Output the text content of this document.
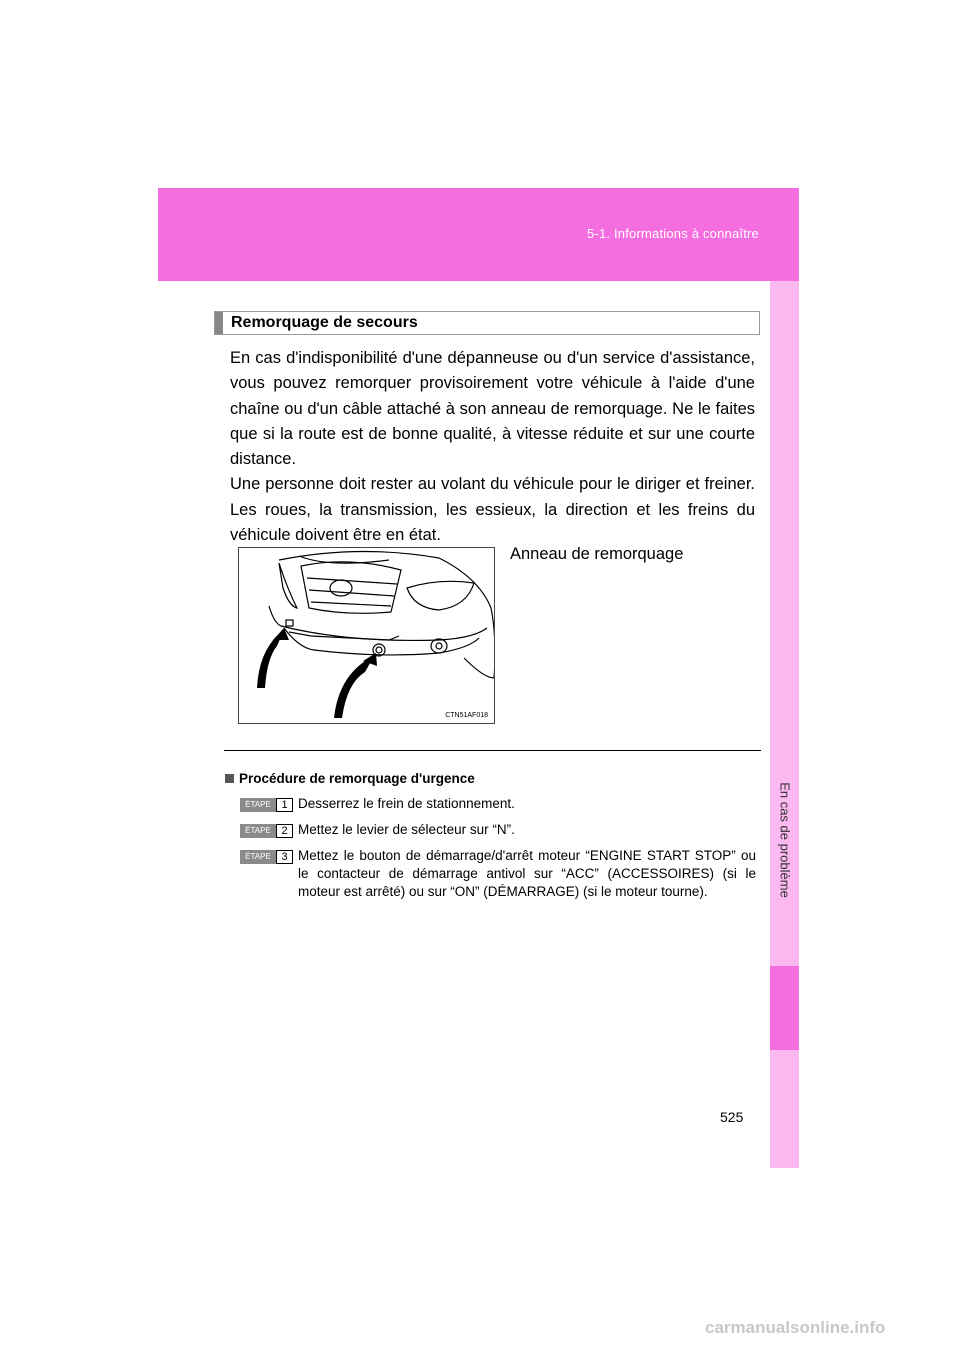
5-1. Informations à connaître
5
En cas de problème
Remorquage de secours

En cas d'indisponibilité d'une dépanneuse ou d'un service d'assistance, vous pouvez remorquer provisoirement votre véhicule à l'aide d'une chaîne ou d'un câble attaché à son anneau de remorquage. Ne le faites que si la route est de bonne qualité, à vitesse réduite et sur une courte distance.

Une personne doit rester au volant du véhicule pour le diriger et freiner. Les roues, la transmission, les essieux, la direction et les freins du véhicule doivent être en état.

CTN51AF018
Anneau de remorquage
Procédure de remorquage d'urgence
ÉTAPE 1 Desserrez le frein de stationnement.
ÉTAPE 2 Mettez le levier de sélecteur sur “N”.
ÉTAPE 3 Mettez le bouton de démarrage/d'arrêt moteur “ENGINE START STOP” ou le contacteur de démarrage antivol sur “ACC” (ACCESSOIRES) (si le moteur est arrêté) ou sur “ON” (DÉMARRAGE) (si le moteur tourne).
525
carmanualsonline.info
